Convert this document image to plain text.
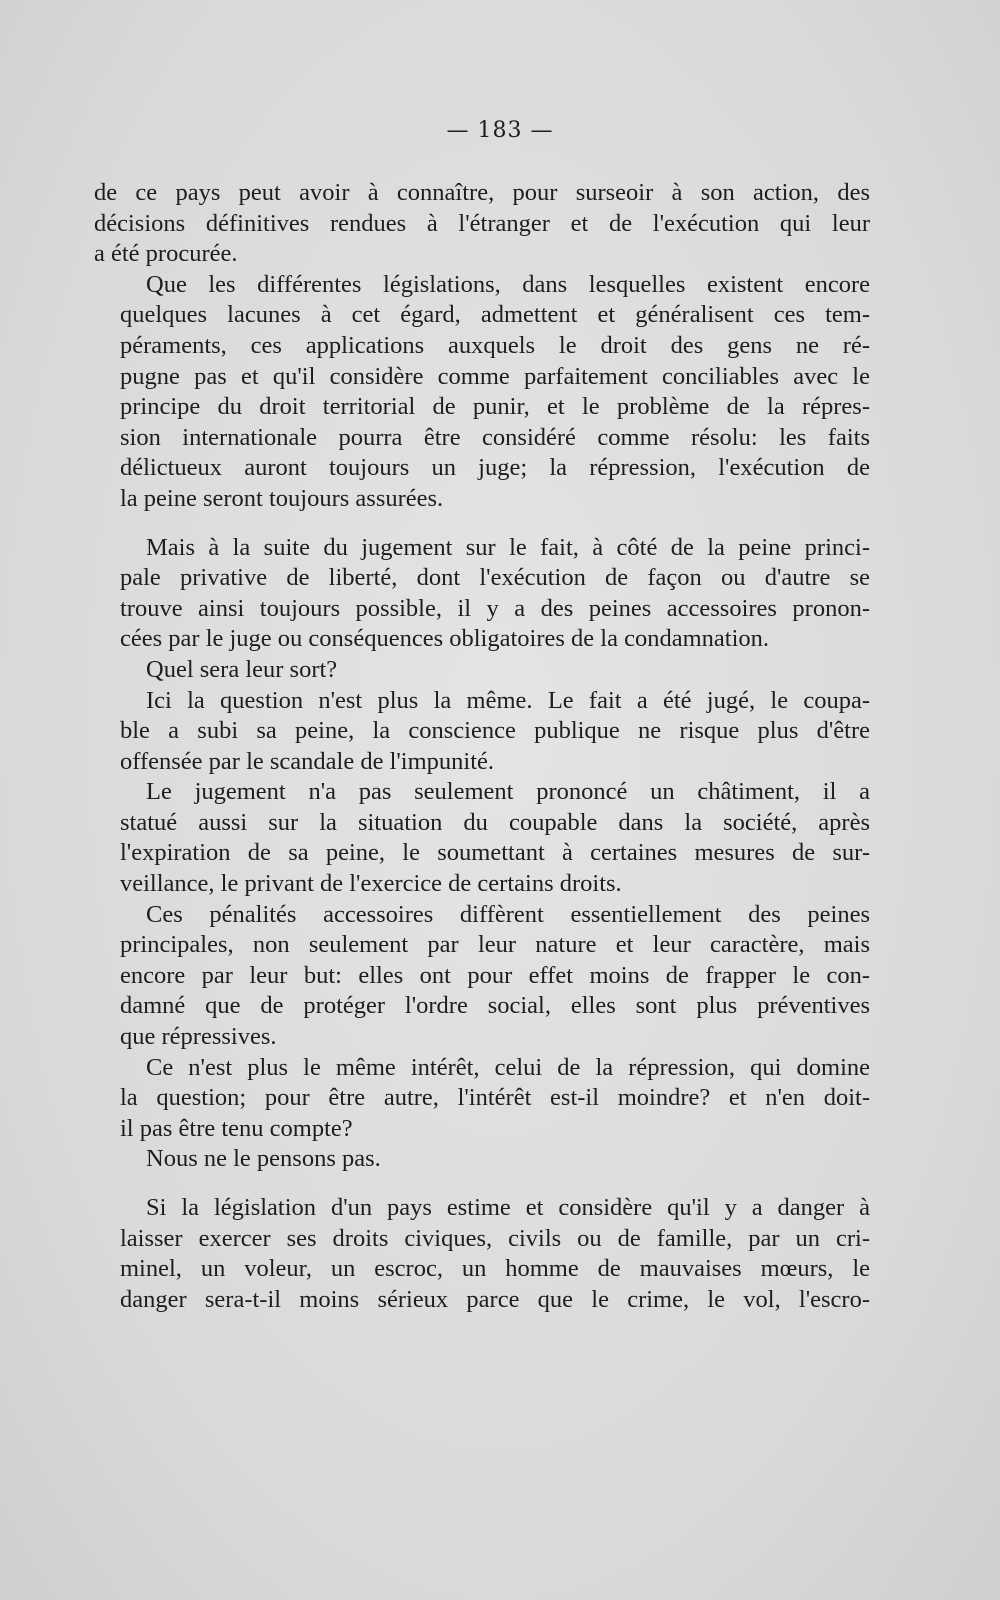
— 183 —
de ce pays peut avoir à connaître, pour surseoir à son action, des
décisions définitives rendues à l'étranger et de l'exécution qui leur
a été procurée.
Que les différentes législations, dans lesquelles existent encore
quelques lacunes à cet égard, admettent et généralisent ces tem-
péraments, ces applications auxquels le droit des gens ne ré-
pugne pas et qu'il considère comme parfaitement conciliables avec le
principe du droit territorial de punir, et le problème de la répres-
sion internationale pourra être considéré comme résolu: les faits
délictueux auront toujours un juge; la répression, l'exécution de
la peine seront toujours assurées.
Mais à la suite du jugement sur le fait, à côté de la peine princi-
pale privative de liberté, dont l'exécution de façon ou d'autre se
trouve ainsi toujours possible, il y a des peines accessoires pronon-
cées par le juge ou conséquences obligatoires de la condamnation.
Quel sera leur sort?
Ici la question n'est plus la même. Le fait a été jugé, le coupa-
ble a subi sa peine, la conscience publique ne risque plus d'être
offensée par le scandale de l'impunité.
Le jugement n'a pas seulement prononcé un châtiment, il a
statué aussi sur la situation du coupable dans la société, après
l'expiration de sa peine, le soumettant à certaines mesures de sur-
veillance, le privant de l'exercice de certains droits.
Ces pénalités accessoires diffèrent essentiellement des peines
principales, non seulement par leur nature et leur caractère, mais
encore par leur but: elles ont pour effet moins de frapper le con-
damné que de protéger l'ordre social, elles sont plus préventives
que répressives.
Ce n'est plus le même intérêt, celui de la répression, qui domine
la question; pour être autre, l'intérêt est-il moindre? et n'en doit-
il pas être tenu compte?
Nous ne le pensons pas.
Si la législation d'un pays estime et considère qu'il y a danger à
laisser exercer ses droits civiques, civils ou de famille, par un cri-
minel, un voleur, un escroc, un homme de mauvaises mœurs, le
danger sera-t-il moins sérieux parce que le crime, le vol, l'escro-
